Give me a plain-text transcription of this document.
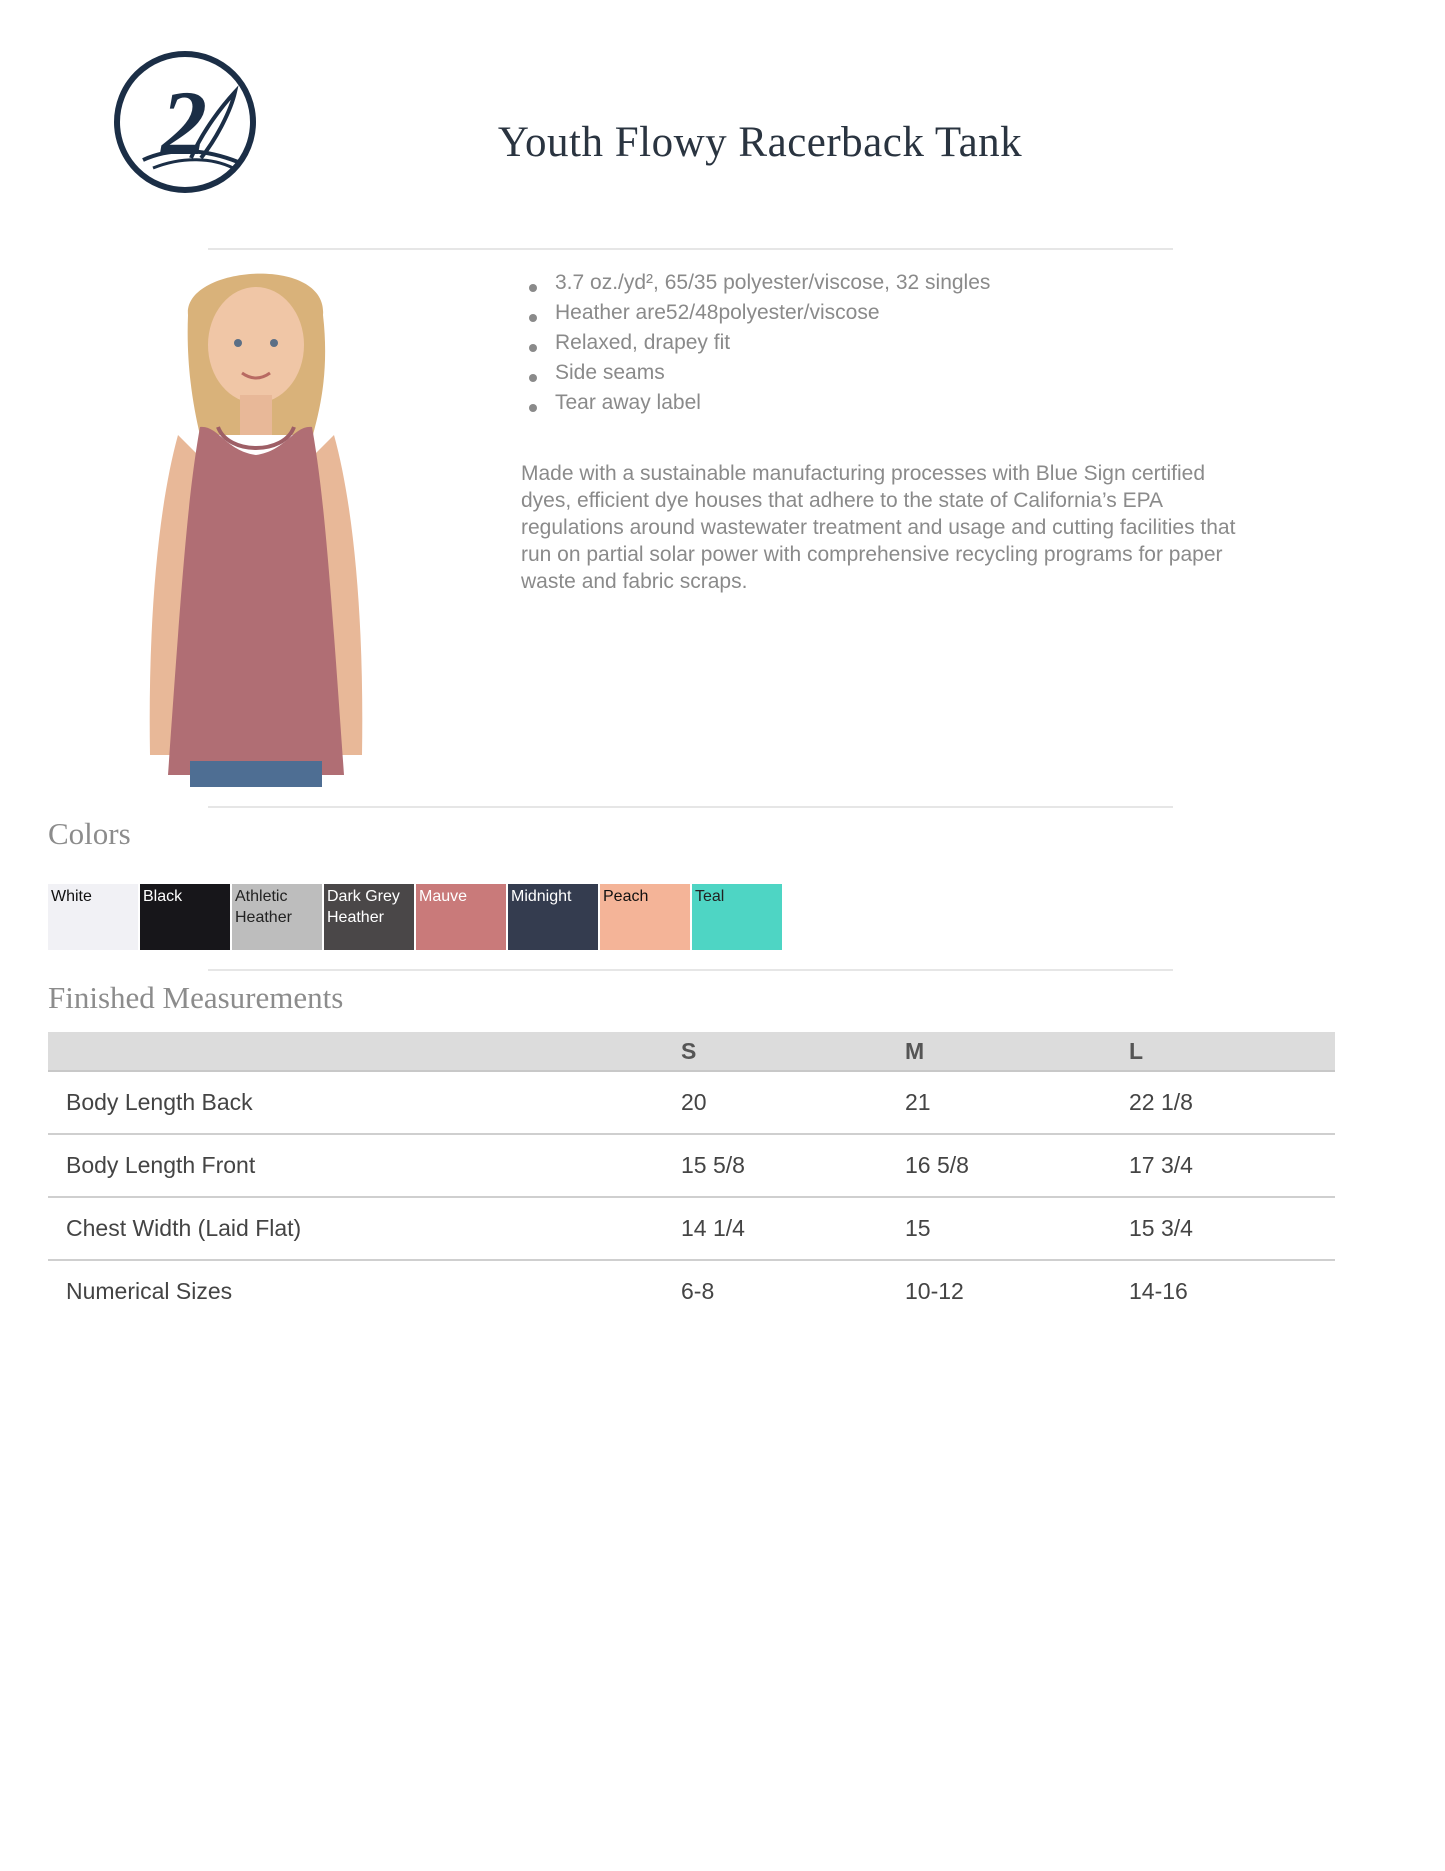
2	Youth Flowy Racerback Tank
3.7 oz./yd², 65/35 polyester/viscose, 32 singles
Heather are52/48polyester/viscose
Relaxed, drapey fit
Side seams
Tear away label

Made with a sustainable manufacturing processes with Blue Sign certified dyes, efficient dye houses that adhere to the state of California’s EPA regulations around wastewater treatment and usage and cutting facilities that run on partial solar power with comprehensive recycling programs for paper waste and fabric scraps.

Colors
White	Black	Athletic Heather
Dark Grey Heather
Mauve	Midnight	Peach	Teal
Finished Measurements
	S	M	L
Body Length Back	20	21	22 1/8
Body Length Front	15 5/8	16 5/8	17 3/4
Chest Width (Laid Flat)	14 1/4	15	15 3/4
Numerical Sizes	6-8	10-12	14-16
